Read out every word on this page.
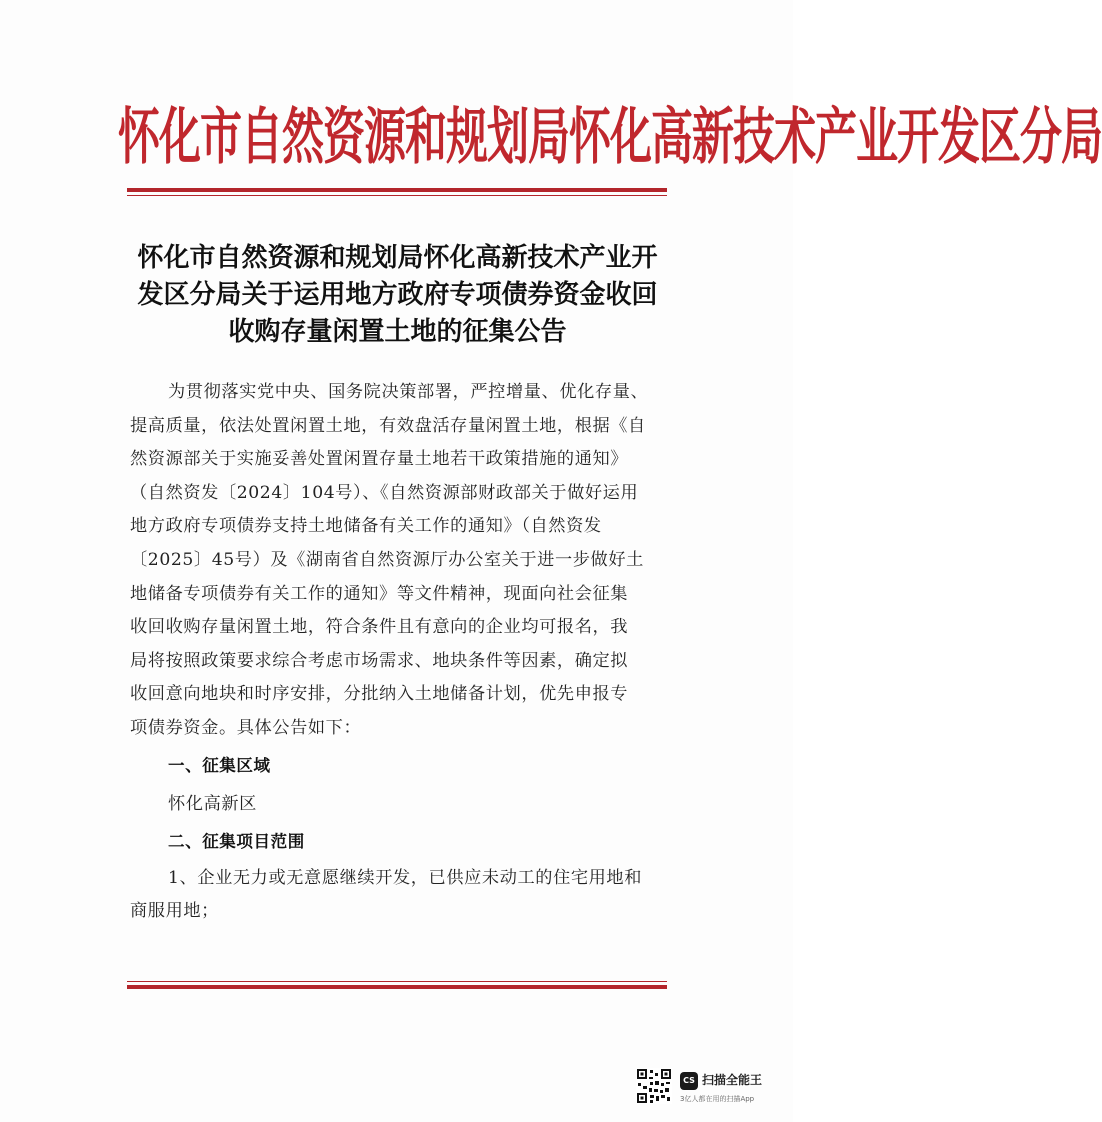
怀化市自然资源和规划局怀化高新技术产业开发区分局
怀化市自然资源和规划局怀化高新技术产业开
发区分局关于运用地方政府专项债券资金收回
收购存量闲置土地的征集公告
为贯彻落实党中央、国务院决策部署，严控增量、优化存量、
提高质量，依法处置闲置土地，有效盘活存量闲置土地，根据《自
然资源部关于实施妥善处置闲置存量土地若干政策措施的通知》
（自然资发〔2024〕104号）、《自然资源部财政部关于做好运用
地方政府专项债券支持土地储备有关工作的通知》（自然资发
〔2025〕45号）及《湖南省自然资源厅办公室关于进一步做好土
地储备专项债券有关工作的通知》等文件精神，现面向社会征集
收回收购存量闲置土地，符合条件且有意向的企业均可报名，我
局将按照政策要求综合考虑市场需求、地块条件等因素，确定拟
收回意向地块和时序安排，分批纳入土地储备计划，优先申报专
项债券资金。具体公告如下：
一、征集区域
怀化高新区
二、征集项目范围
1、企业无力或无意愿继续开发，已供应未动工的住宅用地和
商服用地；
CS 扫描全能王
3亿人都在用的扫描App
